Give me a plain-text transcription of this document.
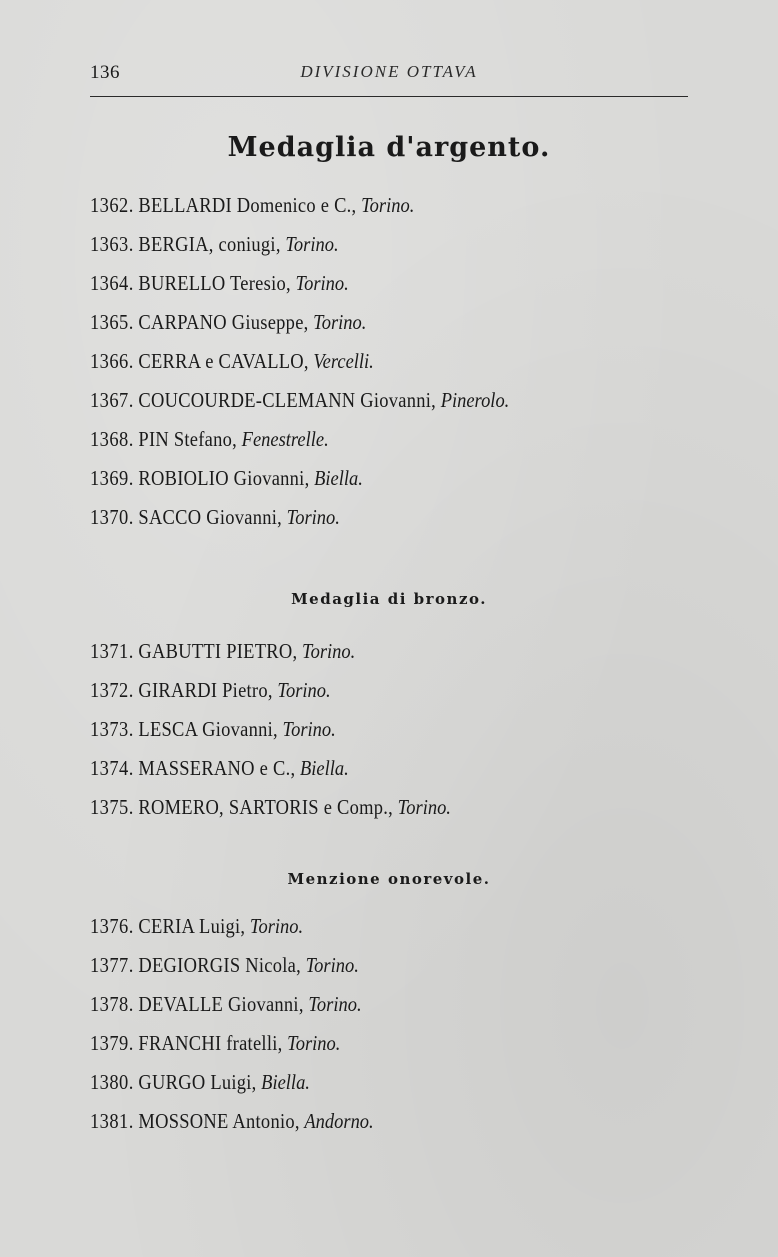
136	DIVISIONE OTTAVA
Medaglia d'argento.
1362. BELLARDI Domenico e C., Torino.
1363. BERGIA, coniugi, Torino.
1364. BURELLO Teresio, Torino.
1365. CARPANO Giuseppe, Torino.
1366. CERRA e CAVALLO, Vercelli.
1367. COUCOURDE-CLEMANN Giovanni, Pinerolo.
1368. PIN Stefano, Fenestrelle.
1369. ROBIOLIO Giovanni, Biella.
1370. SACCO Giovanni, Torino.
Medaglia di bronzo.
1371. GABUTTI PIETRO, Torino.
1372. GIRARDI Pietro, Torino.
1373. LESCA Giovanni, Torino.
1374. MASSERANO e C., Biella.
1375. ROMERO, SARTORIS e Comp., Torino.
Menzione onorevole.
1376. CERIA Luigi, Torino.
1377. DEGIORGIS Nicola, Torino.
1378. DEVALLE Giovanni, Torino.
1379. FRANCHI fratelli, Torino.
1380. GURGO Luigi, Biella.
1381. MOSSONE Antonio, Andorno.
